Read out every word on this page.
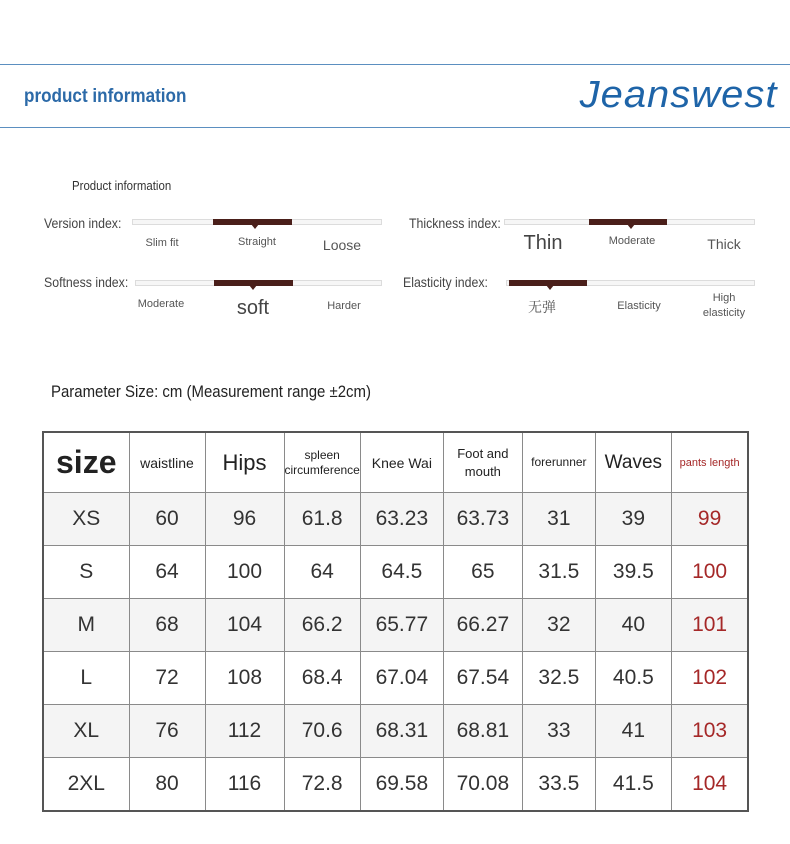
product information	Jeanswest
Product information
Version index:
Slim fit	Straight	Loose
Thickness index:
Thin	Moderate	Thick
Softness index:
Moderate	soft	Harder
Elasticity index:
无弹	Elasticity
High elasticity
Parameter Size: cm (Measurement range ±2cm)
size	waistline	Hips	spleen circumference	Knee Wai	Foot and mouth	forerunner	Waves	pants length
XS	60	96	61.8	63.23	63.73	31	39	99
S	64	100	64	64.5	65	31.5	39.5	100
M	68	104	66.2	65.77	66.27	32	40	101
L	72	108	68.4	67.04	67.54	32.5	40.5	102
XL	76	112	70.6	68.31	68.81	33	41	103
2XL	80	116	72.8	69.58	70.08	33.5	41.5	104
